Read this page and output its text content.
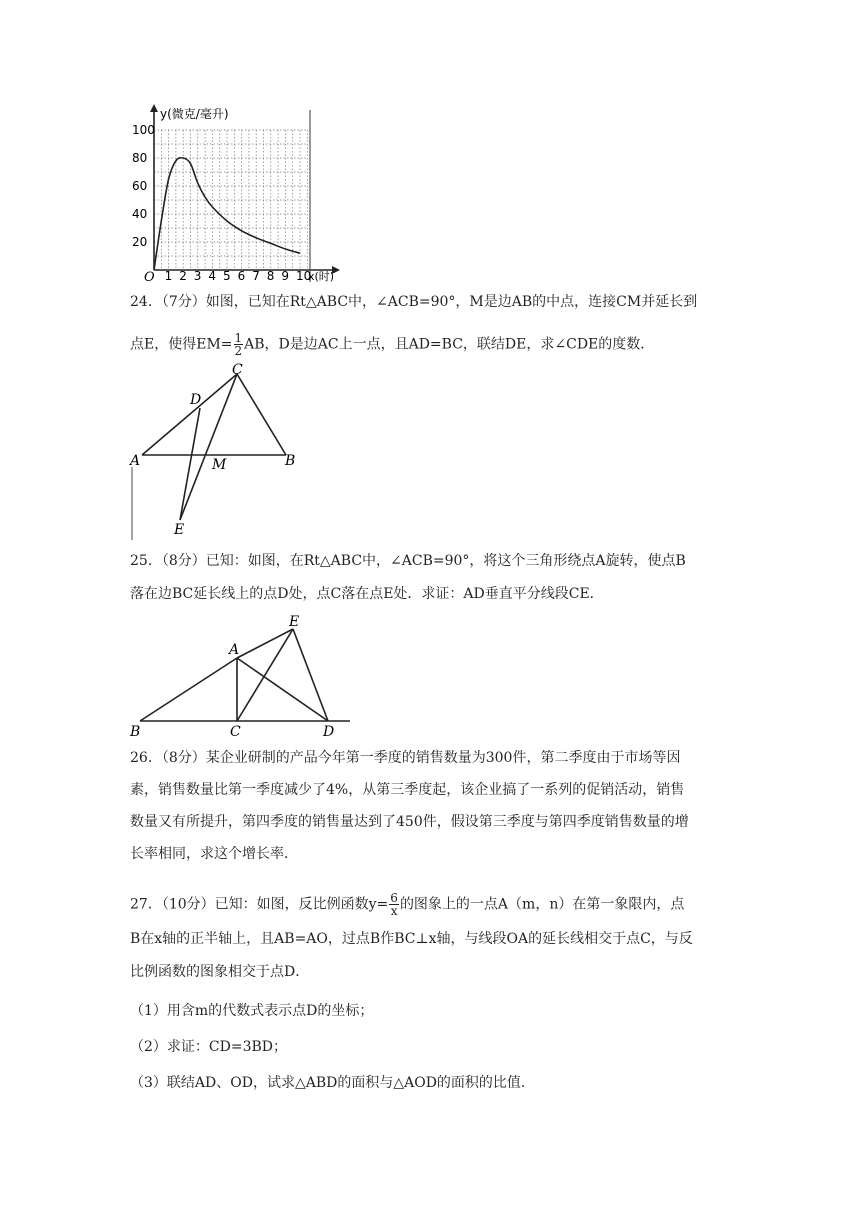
y(微克/毫升)
x(时)
O
100
80
60
40
20
1 2 3 4 5 6 7 8 9 10
24．（7分）如图，已知在Rt△ABC中，∠ACB=90°，M是边AB的中点，连接CM并延长到
点E，使得$EM= \frac{1}{2}$ AB，D是边AC上一点，且AD=BC，联结DE，求∠CDE的度数．
C
D
A	M	B
E
25．（8分）已知：如图，在Rt△ABC中，∠ACB=90°，将这个三角形绕点A旋转，使点B
落在边BC延长线上的点D处，点C落在点E处．求证：AD垂直平分线段CE．
E
A
B	C	D
26．（8分）某企业研制的产品今年第一季度的销售数量为300件，第二季度由于市场等因
素，销售数量比第一季度减少了4%，从第三季度起，该企业搞了一系列的促销活动，销售
数量又有所提升，第四季度的销售量达到了450件，假设第三季度与第四季度销售数量的增
长率相同，求这个增长率．
27．（10分）已知：如图，反比例函数$y= \frac{6}{x}$ 的图象上的一点A（m，n）在第一象限内，点
B在x轴的正半轴上，且AB=AO，过点B作BC⊥x轴，与线段OA的延长线相交于点C，与反
比例函数的图象相交于点D．
（1）用含m的代数式表示点D的坐标；
（2）求证：CD=3BD；
（3）联结AD、OD，试求△ABD的面积与△AOD的面积的比值．
